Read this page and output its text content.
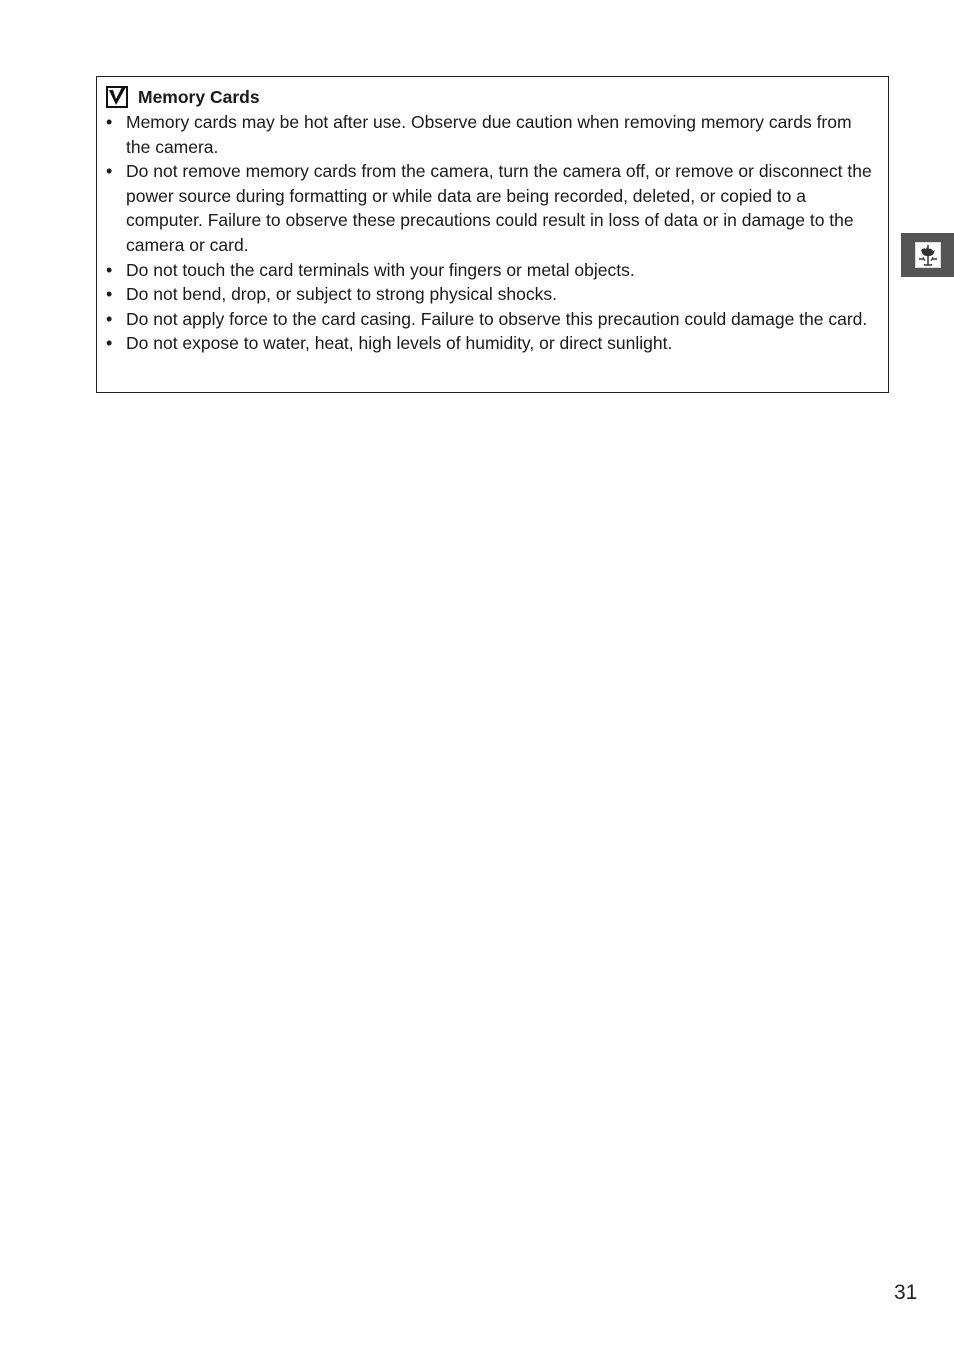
Memory Cards
• Memory cards may be hot after use. Observe due caution when removing memory cards from the camera.
• Do not remove memory cards from the camera, turn the camera off, or remove or disconnect the power source during formatting or while data are being recorded, deleted, or copied to a computer. Failure to observe these precautions could result in loss of data or in damage to the camera or card.
• Do not touch the card terminals with your fingers or metal objects.
• Do not bend, drop, or subject to strong physical shocks.
• Do not apply force to the card casing. Failure to observe this precaution could damage the card.
• Do not expose to water, heat, high levels of humidity, or direct sunlight.
31
